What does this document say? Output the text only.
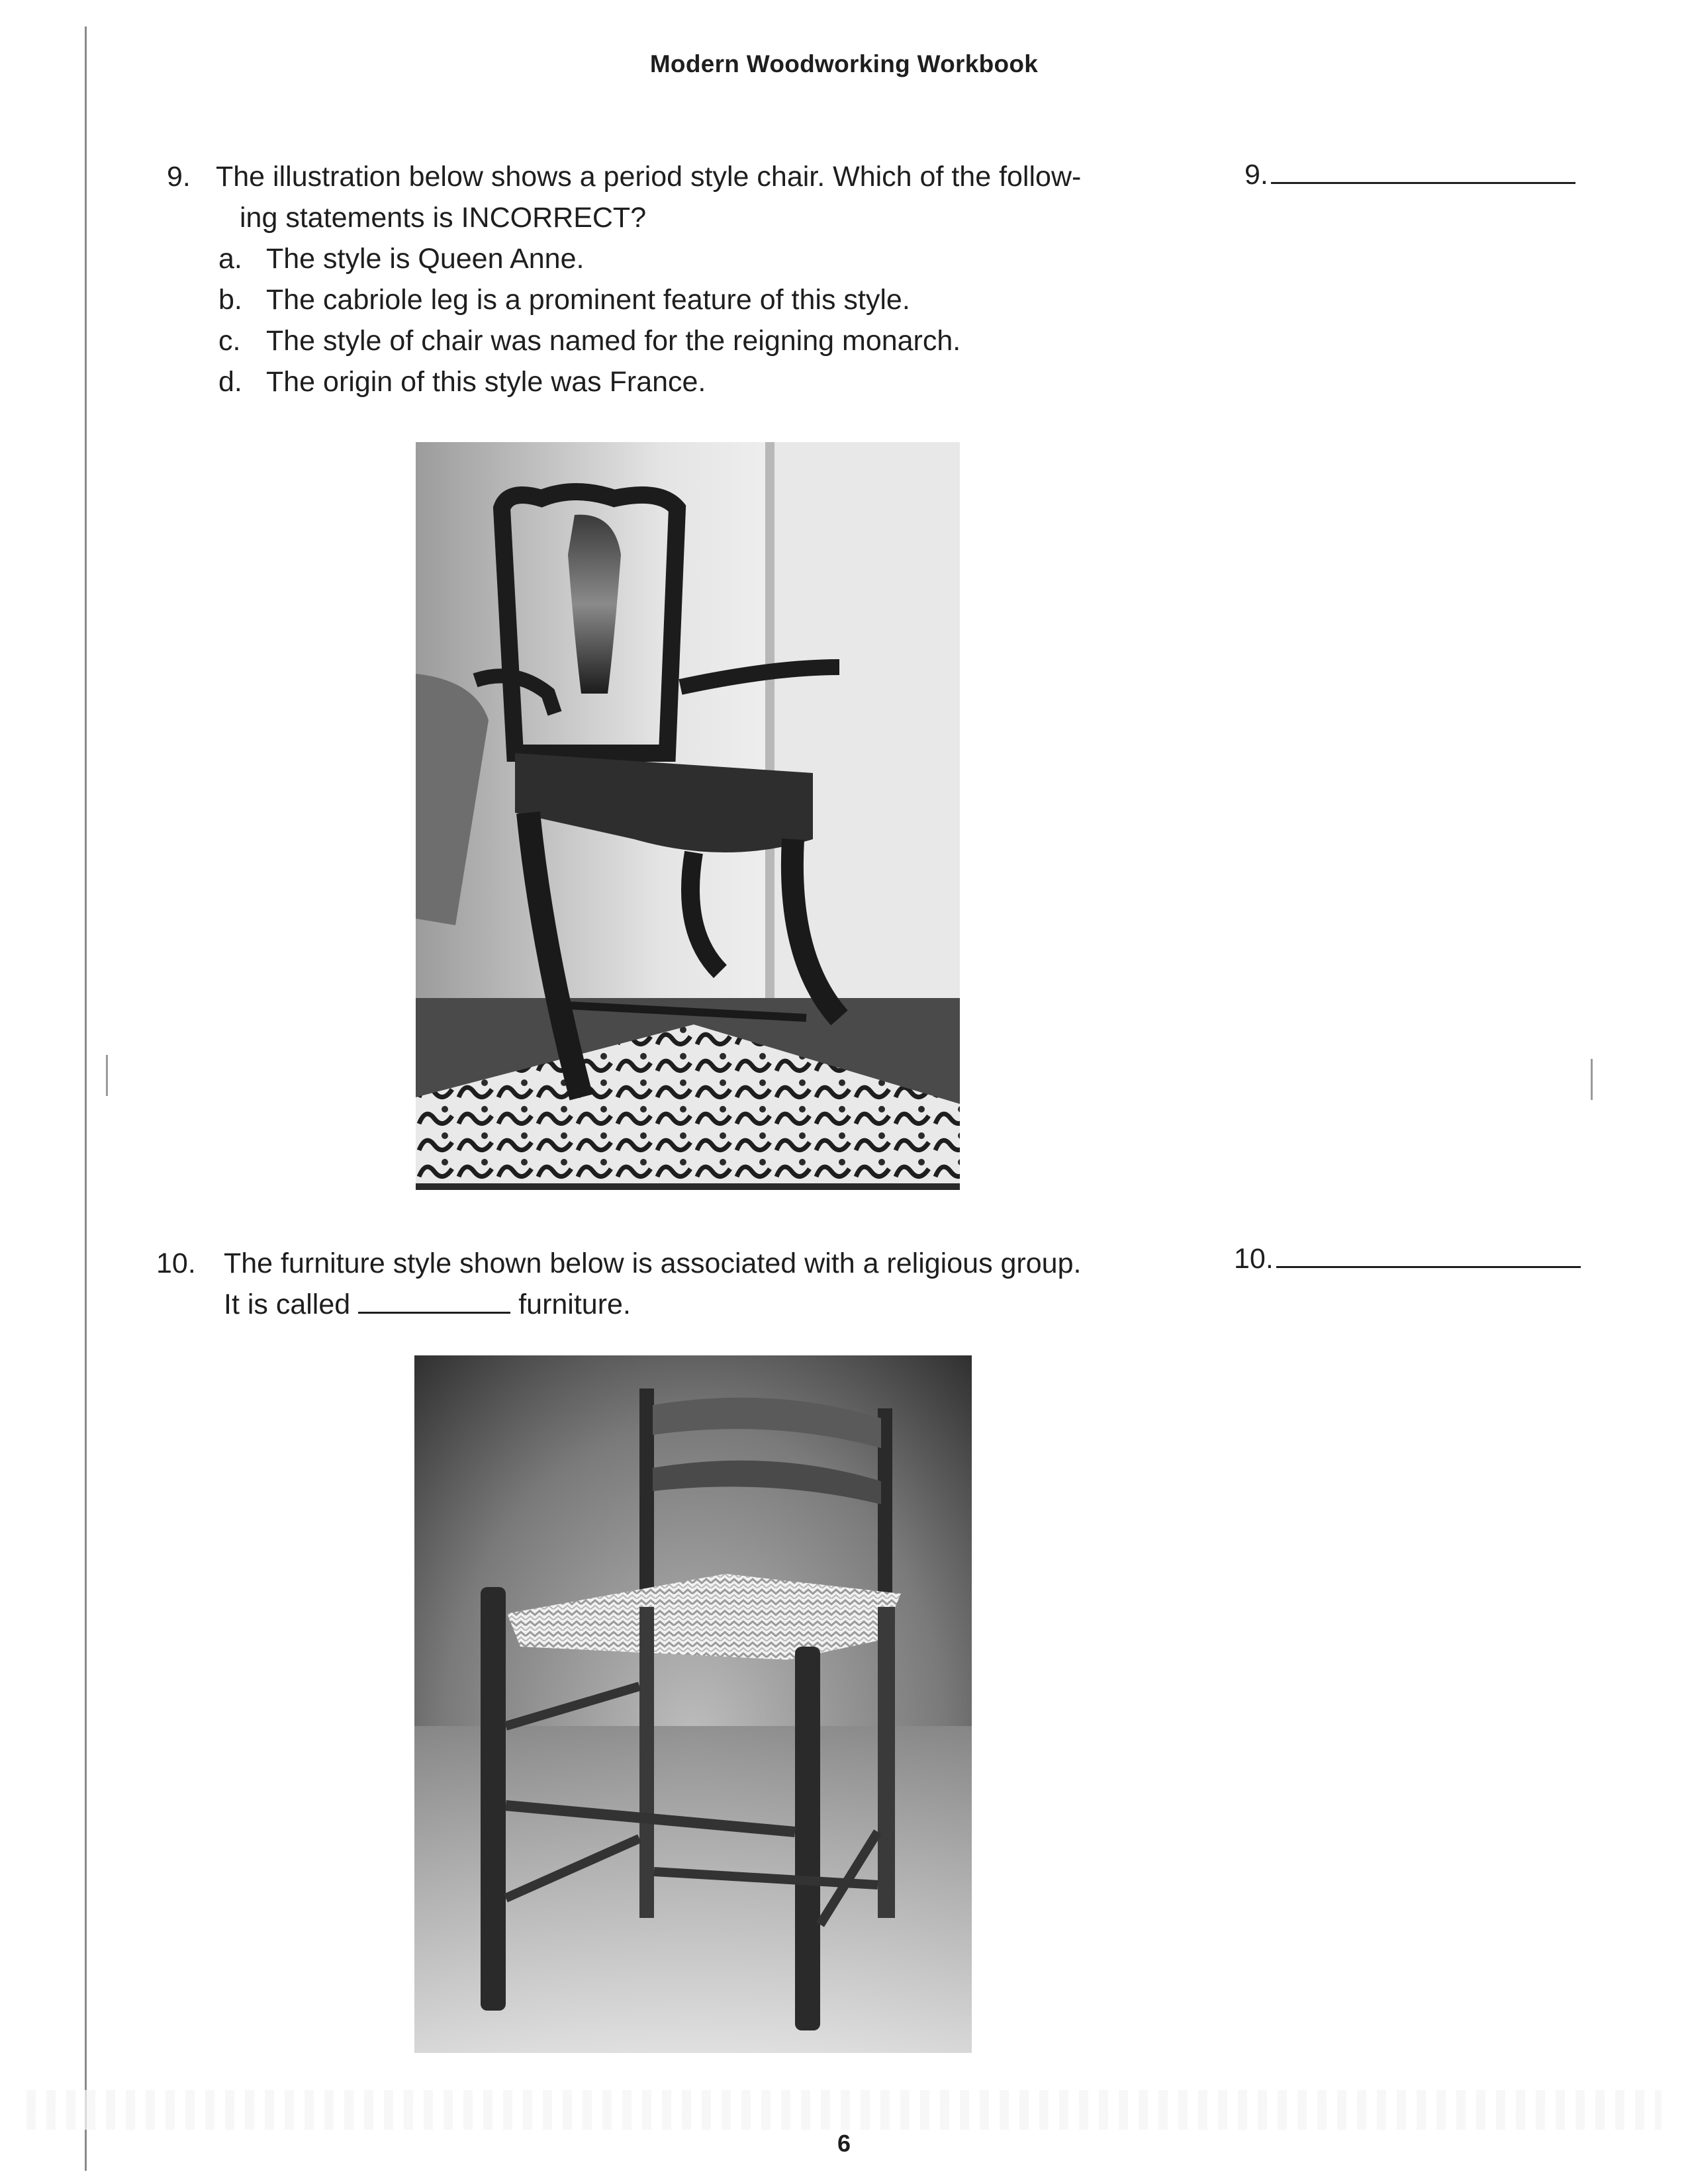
Modern Woodworking Workbook
9. The illustration below shows a period style chair. Which of the follow-
ing statements is INCORRECT?
a. The style is Queen Anne.
b. The cabriole leg is a prominent feature of this style.
c. The style of chair was named for the reigning monarch.
d. The origin of this style was France.
9.
10. The furniture style shown below is associated with a religious group.
It is called	furniture.
10.
6
